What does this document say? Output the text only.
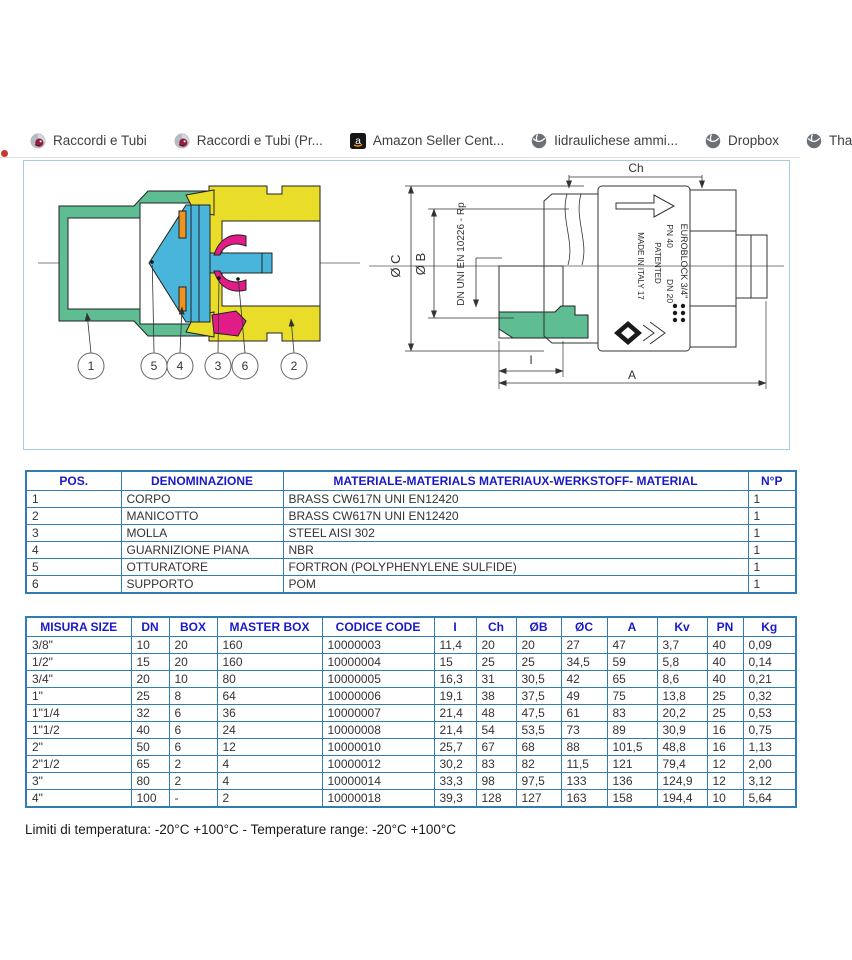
Raccordi e Tubi	Raccordi e Tubi (Pr...	a Amazon Seller Cent...	Iidraulichese ammi...	Dropbox	Tha
1	5 4	3 6	2
Ch
Ø C Ø B	DN UNI EN 10226 - Rp
I
A
EUROBLOCK 3/4"
PN 40
DN 20
PATENTED
MADE IN ITALY 17
POS.	DENOMINAZIONE	MATERIALE-MATERIALS MATERIAUX-WERKSTOFF- MATERIAL	N°P
1	CORPO	BRASS CW617N UNI EN12420	1
2	MANICOTTO	BRASS CW617N UNI EN12420	1
3	MOLLA	STEEL AISI 302	1
4	GUARNIZIONE PIANA	NBR	1
5	OTTURATORE	FORTRON (POLYPHENYLENE SULFIDE)	1
6	SUPPORTO	POM	1
MISURA SIZE	DN	BOX	MASTER BOX	CODICE CODE	I	Ch	ØB	ØC	A	Kv	PN	Kg
3/8"	10	20	160	10000003	11,4	20	20	27	47	3,7	40	0,09
1/2"	15	20	160	10000004	15	25	25	34,5	59	5,8	40	0,14
3/4"	20	10	80	10000005	16,3	31	30,5	42	65	8,6	40	0,21
1"	25	8	64	10000006	19,1	38	37,5	49	75	13,8	25	0,32
1"1/4	32	6	36	10000007	21,4	48	47,5	61	83	20,2	25	0,53
1"1/2	40	6	24	10000008	21,4	54	53,5	73	89	30,9	16	0,75
2"	50	6	12	10000010	25,7	67	68	88	101,5	48,8	16	1,13
2"1/2	65	2	4	10000012	30,2	83	82	11,5	121	79,4	12	2,00
3"	80	2	4	10000014	33,3	98	97,5	133	136	124,9	12	3,12
4"	100	-	2	10000018	39,3	128	127	163	158	194,4	10	5,64
Limiti di temperatura: -20°C +100°C - Temperature range: -20°C +100°C
